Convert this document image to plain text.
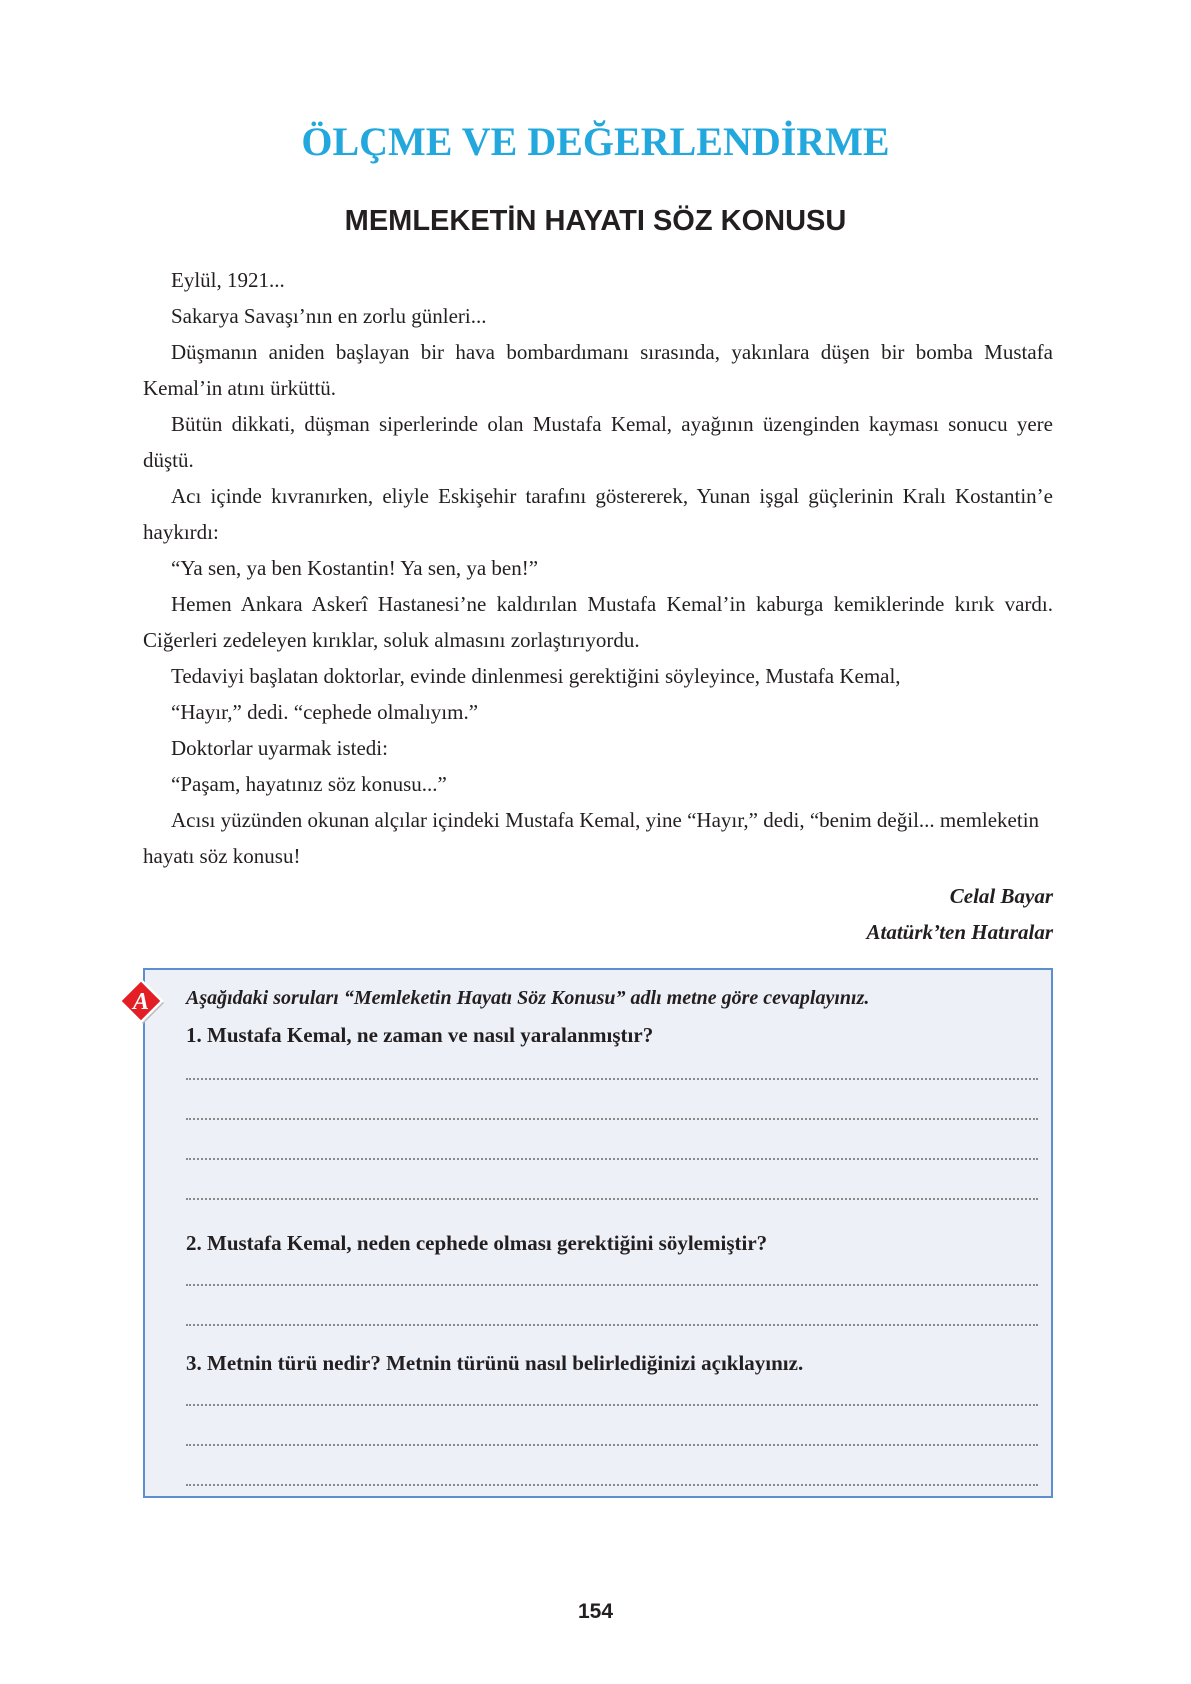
ÖLÇME VE DEĞERLENDİRME
MEMLEKETİN HAYATI SÖZ KONUSU

Eylül, 1921...

Sakarya Savaşı’nın en zorlu günleri...

Düşmanın aniden başlayan bir hava bombardımanı sırasında, yakınlara düşen bir bomba Mustafa Kemal’in atını ürküttü.

Bütün dikkati, düşman siperlerinde olan Mustafa Kemal, ayağının üzenginden kayması sonucu yere düştü.

Acı içinde kıvranırken, eliyle Eskişehir tarafını göstererek, Yunan işgal güçlerinin Kralı Kostantin’e haykırdı:

“Ya sen, ya ben Kostantin! Ya sen, ya ben!”

Hemen Ankara Askerî Hastanesi’ne kaldırılan Mustafa Kemal’in kaburga kemiklerinde kırık vardı. Ciğerleri zedeleyen kırıklar, soluk almasını zorlaştırıyordu.

Tedaviyi başlatan doktorlar, evinde dinlenmesi gerektiğini söyleyince, Mustafa Kemal,

“Hayır,” dedi. “cephede olmalıyım.”

Doktorlar uyarmak istedi:

“Paşam, hayatınız söz konusu...”

Acısı yüzünden okunan alçılar içindeki Mustafa Kemal, yine “Hayır,” dedi, “benim değil... memleketin hayatı söz konusu!

Celal Bayar
Atatürk’ten Hatıralar
A Aşağıdaki soruları “Memleketin Hayatı Söz Konusu” adlı metne göre cevaplayınız.
1. Mustafa Kemal, ne zaman ve nasıl yaralanmıştır?
2. Mustafa Kemal, neden cephede olması gerektiğini söylemiştir?
3. Metnin türü nedir? Metnin türünü nasıl belirlediğinizi açıklayınız.
154
